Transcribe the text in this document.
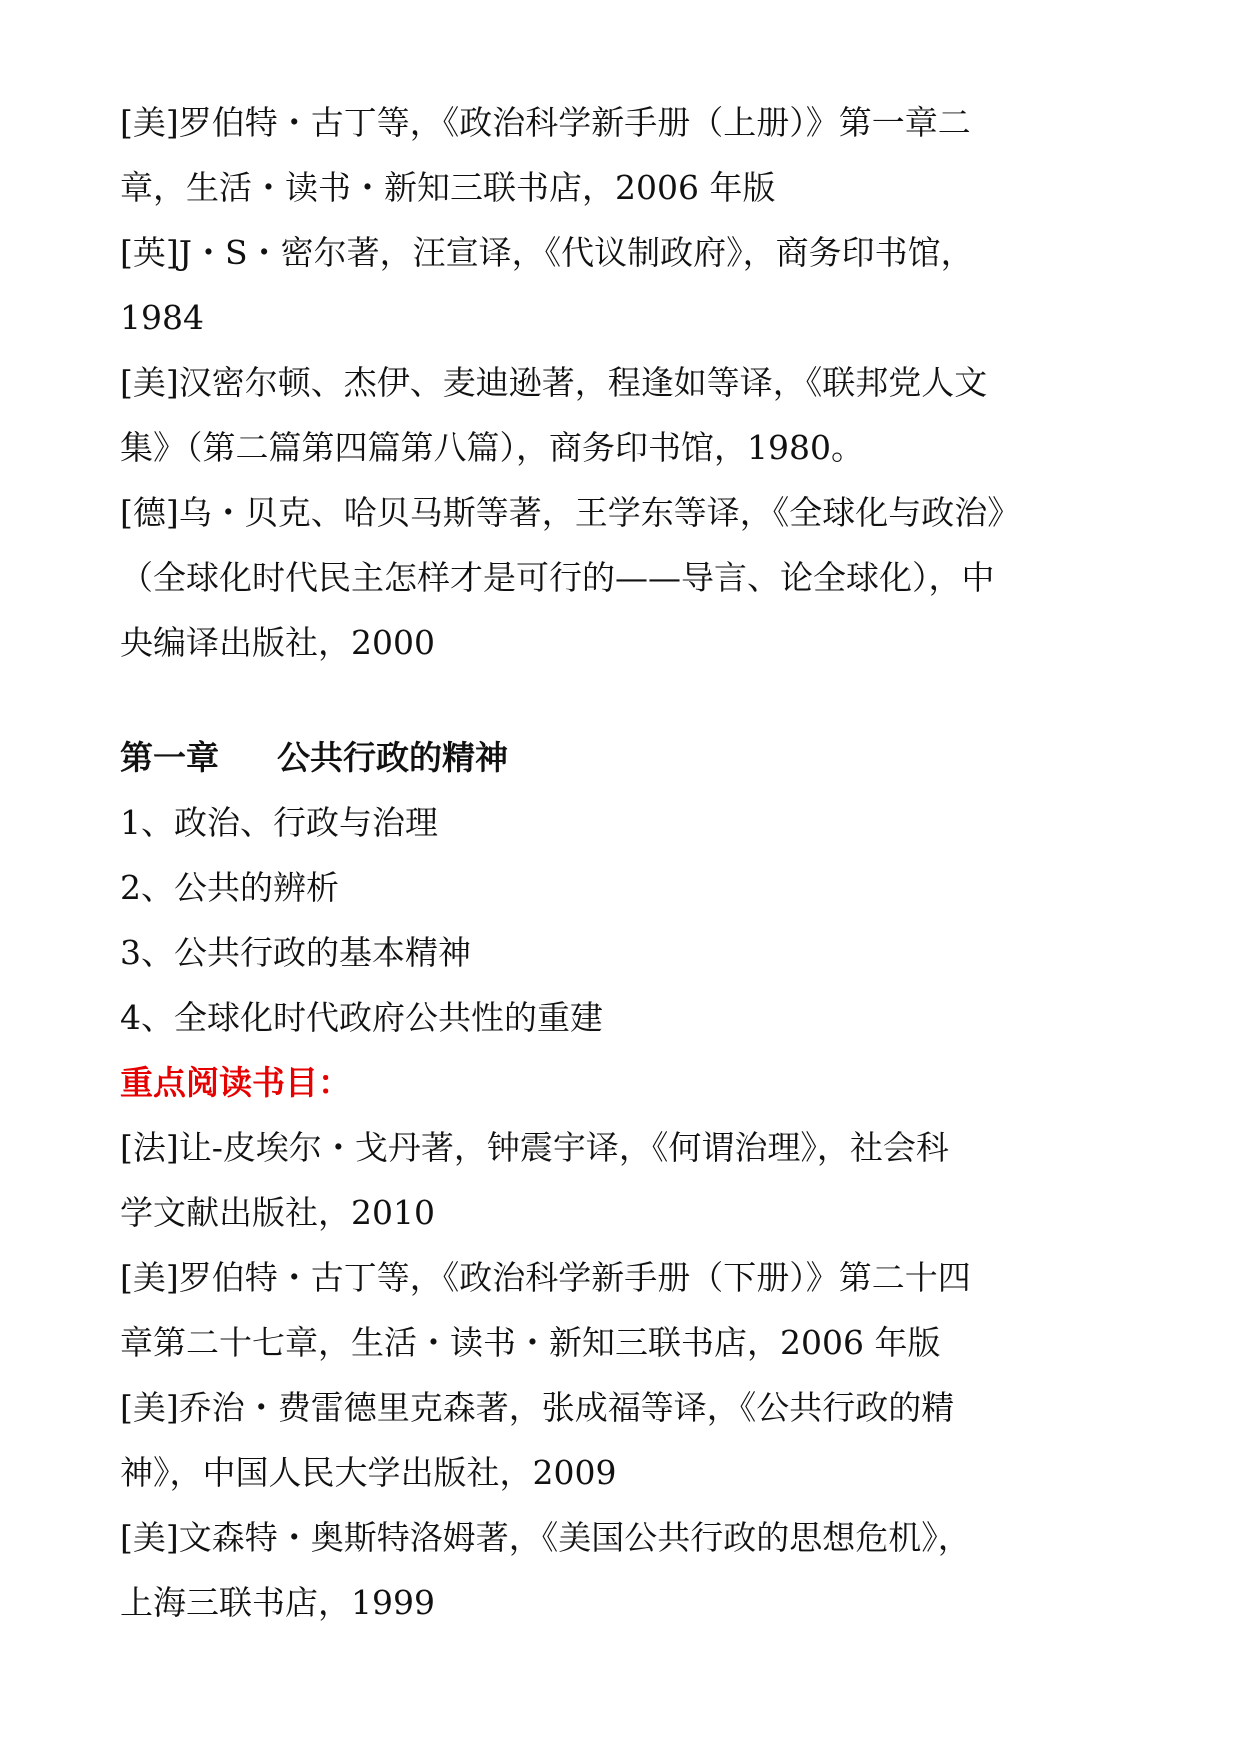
[美]罗伯特・古丁等，《政治科学新手册（上册）》第一章二
章，生活・读书・新知三联书店，2006 年版
[英]J・S・密尔著，汪宣译，《代议制政府》，商务印书馆，
1984
[美]汉密尔顿、杰伊、麦迪逊著，程逢如等译，《联邦党人文
集》（第二篇第四篇第八篇），商务印书馆，1980。
[德]乌・贝克、哈贝马斯等著，王学东等译，《全球化与政治》
（全球化时代民主怎样才是可行的——导言、论全球化），中
央编译出版社，2000
第一章 公共行政的精神
1、政治、行政与治理
2、公共的辨析
3、公共行政的基本精神
4、全球化时代政府公共性的重建
重点阅读书目：
[法]让-皮埃尔・戈丹著，钟震宇译，《何谓治理》，社会科
学文献出版社，2010
[美]罗伯特・古丁等，《政治科学新手册（下册）》第二十四
章第二十七章，生活・读书・新知三联书店，2006 年版
[美]乔治・费雷德里克森著，张成福等译，《公共行政的精
神》，中国人民大学出版社，2009
[美]文森特・奥斯特洛姆著，《美国公共行政的思想危机》，
上海三联书店，1999
